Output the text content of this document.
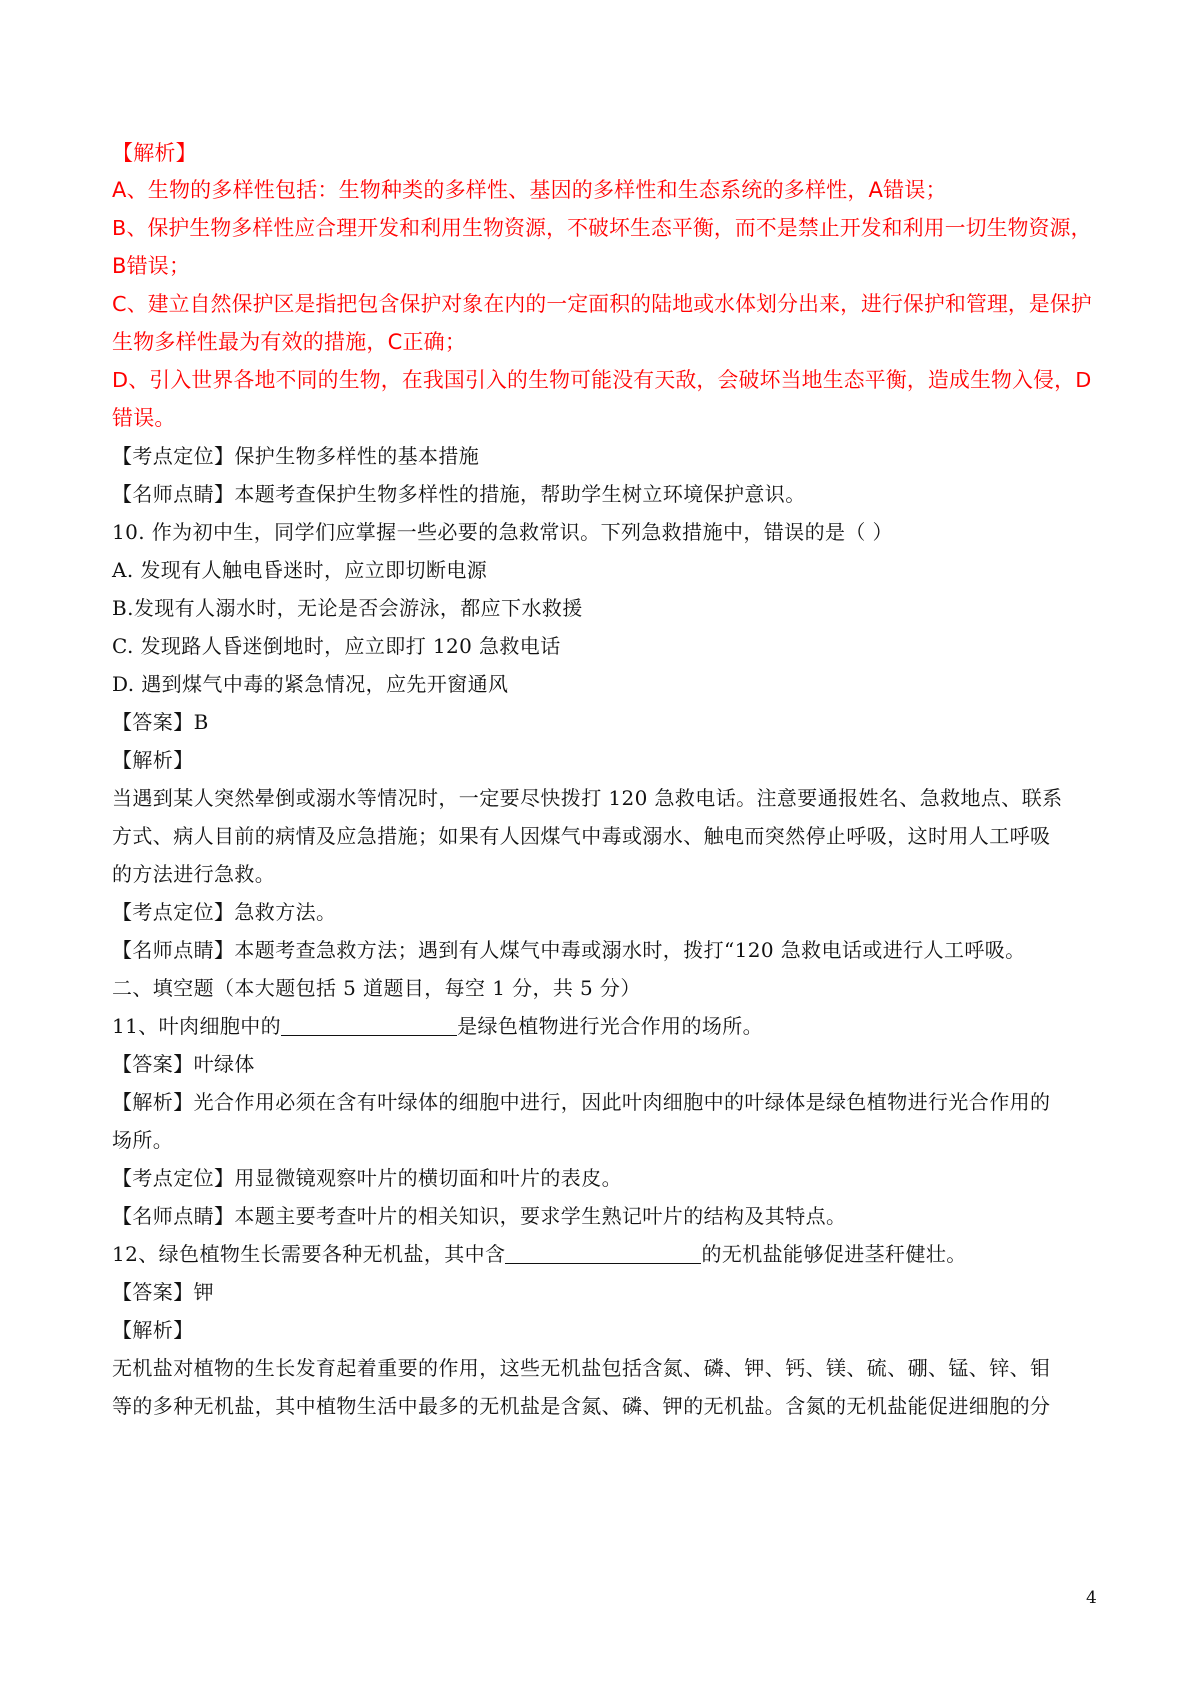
【解析】
A、生物的多样性包括：生物种类的多样性、基因的多样性和生态系统的多样性，A错误；
B、保护生物多样性应合理开发和利用生物资源，不破坏生态平衡，而不是禁止开发和利用一切生物资源，
B错误；
C、建立自然保护区是指把包含保护对象在内的一定面积的陆地或水体划分出来，进行保护和管理，是保护
生物多样性最为有效的措施，C正确；
D、引入世界各地不同的生物，在我国引入的生物可能没有天敌，会破坏当地生态平衡，造成生物入侵，D
错误。
【考点定位】保护生物多样性的基本措施
【名师点睛】本题考查保护生物多样性的措施，帮助学生树立环境保护意识。
10. 作为初中生，同学们应掌握一些必要的急救常识。下列急救措施中，错误的是（ ）
A. 发现有人触电昏迷时，应立即切断电源
B.发现有人溺水时，无论是否会游泳，都应下水救援
C. 发现路人昏迷倒地时，应立即打 120 急救电话
D. 遇到煤气中毒的紧急情况，应先开窗通风
【答案】B
【解析】
当遇到某人突然晕倒或溺水等情况时，一定要尽快拨打 120 急救电话。注意要通报姓名、急救地点、联系
方式、病人目前的病情及应急措施；如果有人因煤气中毒或溺水、触电而突然停止呼吸，这时用人工呼吸
的方法进行急救。
【考点定位】急救方法。
【名师点睛】本题考查急救方法；遇到有人煤气中毒或溺水时，拨打“120 急救电话或进行人工呼吸。
二、填空题（本大题包括 5 道题目，每空 1 分，共 5 分）
11、叶肉细胞中的	是绿色植物进行光合作用的场所。
【答案】叶绿体
【解析】光合作用必须在含有叶绿体的细胞中进行，因此叶肉细胞中的叶绿体是绿色植物进行光合作用的
场所。
【考点定位】用显微镜观察叶片的横切面和叶片的表皮。
【名师点睛】本题主要考查叶片的相关知识，要求学生熟记叶片的结构及其特点。
12、绿色植物生长需要各种无机盐，其中含	的无机盐能够促进茎秆健壮。
【答案】钾
【解析】
无机盐对植物的生长发育起着重要的作用，这些无机盐包括含氮、磷、钾、钙、镁、硫、硼、锰、锌、钼
等的多种无机盐，其中植物生活中最多的无机盐是含氮、磷、钾的无机盐。含氮的无机盐能促进细胞的分
4
